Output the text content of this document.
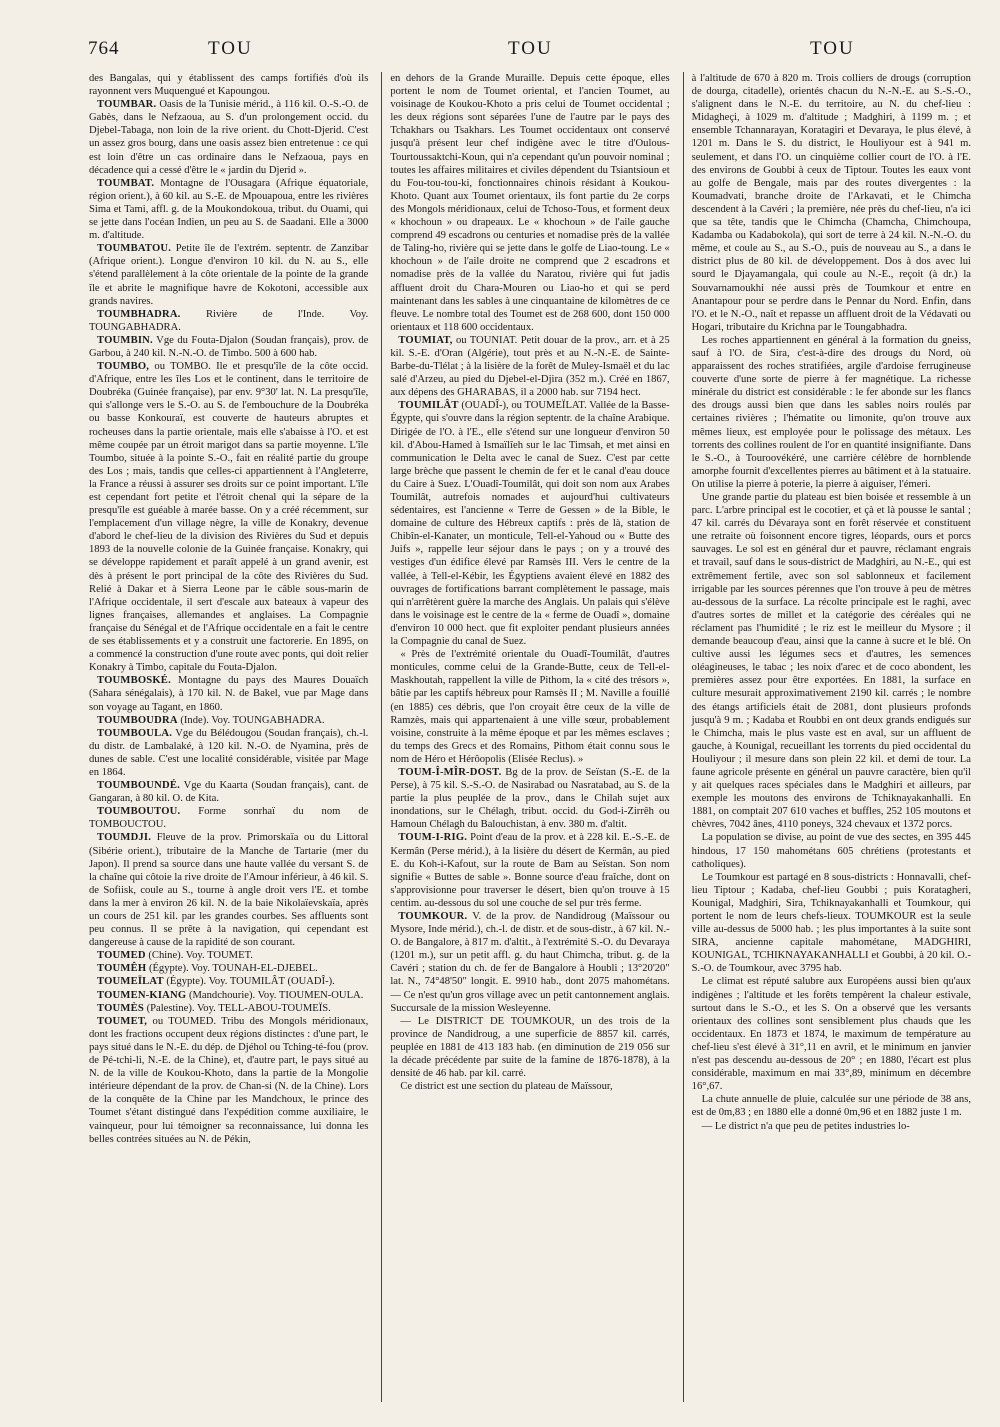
764	TOU	TOU	TOU

des Bangalas, qui y établissent des camps fortifiés d'où ils rayonnent vers Muquengué et Kapoungou.

TOUMBAR. Oasis de la Tunisie mérid., à 116 kil. O.-S.-O. de Gabès, dans le Nefzaoua, au S. d'un prolongement occid. du Djebel-Tabaga, non loin de la rive orient. du Chott-Djerid. C'est un assez gros bourg, dans une oasis assez bien entretenue : ce qui est loin d'être un cas ordinaire dans le Nefzaoua, pays en décadence qui a cessé d'être le « jardin du Djerid ».

TOUMBAT. Montagne de l'Ousagara (Afrique équatoriale, région orient.), à 60 kil. au S.-E. de Mpouapoua, entre les rivières Sima et Tami, affl. g. de la Moukondokoua, tribut. du Ouami, qui se jette dans l'océan Indien, un peu au S. de Saadani. Elle a 3000 m. d'altitude.

TOUMBATOU. Petite île de l'extrém. septentr. de Zanzibar (Afrique orient.). Longue d'environ 10 kil. du N. au S., elle s'étend parallèlement à la côte orientale de la pointe de la grande île et abrite le magnifique havre de Kokotoni, accessible aux grands navires.

TOUMBHADRA. Rivière de l'Inde. Voy. TOUNGABHADRA.

TOUMBIN. Vge du Fouta-Djalon (Soudan français), prov. de Garbou, à 240 kil. N.-N.-O. de Timbo. 500 à 600 hab.

TOUMBO, ou TOMBO. Ile et presqu'île de la côte occid. d'Afrique, entre les îles Los et le continent, dans le territoire de Doubréka (Guinée française), par env. 9°30' lat. N. La presqu'île, qui s'allonge vers le S.-O. au S. de l'embouchure de la Doubréka ou basse Konkouraï, est couverte de hauteurs abruptes et rocheuses dans la partie orientale, mais elle s'abaisse à l'O. et est même coupée par un étroit marigot dans sa partie moyenne. L'île Toumbo, située à la pointe S.-O., fait en réalité partie du groupe des Los ; mais, tandis que celles-ci appartiennent à l'Angleterre, la France a réussi à assurer ses droits sur ce point important. L'île est cependant fort petite et l'étroit chenal qui la sépare de la presqu'île est guéable à marée basse. On y a créé récemment, sur l'emplacement d'un village nègre, la ville de Konakry, devenue d'abord le chef-lieu de la division des Rivières du Sud et depuis 1893 de la nouvelle colonie de la Guinée française. Konakry, qui se développe rapidement et paraît appelé à un grand avenir, est dès à présent le port principal de la côte des Rivières du Sud. Relié à Dakar et à Sierra Leone par le câble sous-marin de l'Afrique occidentale, il sert d'escale aux bateaux à vapeur des lignes françaises, allemandes et anglaises. La Compagnie française du Sénégal et de l'Afrique occidentale en a fait le centre de ses établissements et y a construit une factorerie. En 1895, on a commencé la construction d'une route avec ponts, qui doit relier Konakry à Timbo, capitale du Fouta-Djalon.

TOUMBOSKÉ. Montagne du pays des Maures Douaïch (Sahara sénégalais), à 170 kil. N. de Bakel, vue par Mage dans son voyage au Tagant, en 1860.

TOUMBOUDRA (Inde). Voy. TOUNGABHADRA.

TOUMBOULA. Vge du Bélédougou (Soudan français), ch.-l. du distr. de Lambalaké, à 120 kil. N.-O. de Nyamina, près de dunes de sable. C'est une localité considérable, visitée par Mage en 1864.

TOUMBOUNDÉ. Vge du Kaarta (Soudan français), cant. de Gangaran, à 80 kil. O. de Kita.

TOUMBOUTOU. Forme sonrhaï du nom de TOMBOUCTOU.

TOUMDJI. Fleuve de la prov. Primorskaïa ou du Littoral (Sibérie orient.), tributaire de la Manche de Tartarie (mer du Japon). Il prend sa source dans une haute vallée du versant S. de la chaîne qui côtoie la rive droite de l'Amour inférieur, à 46 kil. S. de Sofiisk, coule au S., tourne à angle droit vers l'E. et tombe dans la mer à environ 26 kil. N. de la baie Nikolaïevskaïa, après un cours de 251 kil. par les grandes courbes. Ses affluents sont peu connus. Il se prête à la navigation, qui cependant est dangereuse à cause de la rapidité de son courant.

TOUMED (Chine). Voy. TOUMET.

TOUMÊH (Égypte). Voy. TOUNAH-EL-DJEBEL.

TOUMEÏLAT (Égypte). Voy. TOUMILÂT (OUADÎ-).

TOUMEN-KIANG (Mandchourie). Voy. TIOUMEN-OULA.

TOUMÈS (Palestine). Voy. TELL-ABOU-TOUMEÏS.

TOUMET, ou TOUMED. Tribu des Mongols méridionaux, dont les fractions occupent deux régions distinctes : d'une part, le pays situé dans le N.-E. du dép. de Djéhol ou Tching-té-fou (prov. de Pé-tchi-li, N.-E. de la Chine), et, d'autre part, le pays situé au N. de la ville de Koukou-Khoto, dans la partie de la Mongolie intérieure dépendant de la prov. de Chan-si (N. de la Chine). Lors de la conquête de la Chine par les Mandchoux, le prince des Toumet s'étant distingué dans l'expédition comme auxiliaire, le vainqueur, pour lui témoigner sa reconnaissance, lui donna les belles contrées situées au N. de Pékin,

en dehors de la Grande Muraille. Depuis cette époque, elles portent le nom de Toumet oriental, et l'ancien Toumet, au voisinage de Koukou-Khoto a pris celui de Toumet occidental ; les deux régions sont séparées l'une de l'autre par le pays des Tchakhars ou Tsakhars. Les Toumet occidentaux ont conservé jusqu'à présent leur chef indigène avec le titre d'Oulous-Tourtoussaktchi-Koun, qui n'a cependant qu'un pouvoir nominal ; toutes les affaires militaires et civiles dépendent du Tsiantsioun et du Fou-tou-tou-ki, fonctionnaires chinois résidant à Koukou-Khoto. Quant aux Toumet orientaux, ils font partie du 2e corps des Mongols méridionaux, celui de Tchoso-Tous, et forment deux « khochoun » ou drapeaux. Le « khochoun » de l'aile gauche comprend 49 escadrons ou centuries et nomadise près de la vallée de Taling-ho, rivière qui se jette dans le golfe de Liao-toung. Le « khochoun » de l'aile droite ne comprend que 2 escadrons et nomadise près de la vallée du Naratou, rivière qui fut jadis affluent droit du Chara-Mouren ou Liao-ho et qui se perd maintenant dans les sables à une cinquantaine de kilomètres de ce fleuve. Le nombre total des Toumet est de 268 600, dont 150 000 orientaux et 118 600 occidentaux.

TOUMIAT, ou TOUNIAT. Petit douar de la prov., arr. et à 25 kil. S.-E. d'Oran (Algérie), tout près et au N.-N.-E. de Sainte-Barbe-du-Tlélat ; à la lisière de la forêt de Muley-Ismaël et du lac salé d'Arzeu, au pied du Djebel-el-Djira (352 m.). Créé en 1867, aux dépens des GHARABAS, il a 2000 hab. sur 7194 hect.

TOUMILÂT (OUADÎ-), ou TOUMEÏLAT. Vallée de la Basse-Égypte, qui s'ouvre dans la région septentr. de la chaîne Arabique. Dirigée de l'O. à l'E., elle s'étend sur une longueur d'environ 50 kil. d'Abou-Hamed à Ismaïlîeh sur le lac Timsah, et met ainsi en communication le Delta avec le canal de Suez. C'est par cette large brèche que passent le chemin de fer et le canal d'eau douce du Caire à Suez. L'Ouadî-Toumilât, qui doit son nom aux Arabes Toumilât, autrefois nomades et aujourd'hui cultivateurs sédentaires, est l'ancienne « Terre de Gessen » de la Bible, le domaine de culture des Hébreux captifs : près de là, station de Chibîn-el-Kanater, un monticule, Tell-el-Yahoud ou « Butte des Juifs », rappelle leur séjour dans le pays ; on y a trouvé des vestiges d'un édifice élevé par Ramsès III. Vers le centre de la vallée, à Tell-el-Kébir, les Égyptiens avaient élevé en 1882 des ouvrages de fortifications barrant complètement le passage, mais qui n'arrêtèrent guère la marche des Anglais. Un palais qui s'élève dans le voisinage est le centre de la « ferme de Ouadî », domaine d'environ 10 000 hect. que fit exploiter pendant plusieurs années la Compagnie du canal de Suez.

« Près de l'extrémité orientale du Ouadî-Toumilât, d'autres monticules, comme celui de la Grande-Butte, ceux de Tell-el-Maskhoutah, rappellent la ville de Pithom, la « cité des trésors », bâtie par les captifs hébreux pour Ramsès II ; M. Naville a fouillé (en 1885) ces débris, que l'on croyait être ceux de la ville de Ramzès, mais qui appartenaient à une ville sœur, probablement voisine, construite à la même époque et par les mêmes esclaves ; du temps des Grecs et des Romains, Pithom était connu sous le nom de Héro et Hérôopolis (Elisée Reclus). »

TOUM-Î-MÎR-DOST. Bg de la prov. de Seïstan (S.-E. de la Perse), à 75 kil. S.-S.-O. de Nasirabad ou Nasratabad, au S. de la partie la plus peuplée de la prov., dans le Chilah sujet aux inondations, sur le Chélagh, tribut. occid. du God-i-Zirrêh ou Hamoun Chélagh du Balouchistan, à env. 380 m. d'altit.

TOUM-I-RIG. Point d'eau de la prov. et à 228 kil. E.-S.-E. de Kermân (Perse mérid.), à la lisière du désert de Kermân, au pied E. du Koh-i-Kafout, sur la route de Bam au Seïstan. Son nom signifie « Buttes de sable ». Bonne source d'eau fraîche, dont on s'approvisionne pour traverser le désert, bien qu'on trouve à 15 centim. au-dessous du sol une couche de sel pur très ferme.

TOUMKOUR. V. de la prov. de Nandidroug (Maïssour ou Mysore, Inde mérid.), ch.-l. de distr. et de sous-distr., à 67 kil. N.-O. de Bangalore, à 817 m. d'altit., à l'extrémité S.-O. du Devaraya (1201 m.), sur un petit affl. g. du haut Chimcha, tribut. g. de la Cavéri ; station du ch. de fer de Bangalore à Houbli ; 13°20'20" lat. N., 74°48'50" longit. E. 9910 hab., dont 2075 mahométans. — Ce n'est qu'un gros village avec un petit cantonnement anglais. Succursale de la mission Wesleyenne.

— Le DISTRICT DE TOUMKOUR, un des trois de la province de Nandidroug, a une superficie de 8857 kil. carrés, peuplée en 1881 de 413 183 hab. (en diminution de 219 056 sur la décade précédente par suite de la famine de 1876-1878), à la densité de 46 hab. par kil. carré.

Ce district est une section du plateau de Maïssour,

à l'altitude de 670 à 820 m. Trois colliers de drougs (corruption de dourga, citadelle), orientés chacun du N.-N.-E. au S.-S.-O., s'alignent dans le N.-E. du territoire, au N. du chef-lieu : Midagheçi, à 1029 m. d'altitude ; Madghiri, à 1199 m. ; et ensemble Tchannarayan, Koratagiri et Devaraya, le plus élevé, à 1201 m. Dans le S. du district, le Houliyour est à 941 m. seulement, et dans l'O. un cinquième collier court de l'O. à l'E. des environs de Goubbi à ceux de Tiptour. Toutes les eaux vont au golfe de Bengale, mais par des routes divergentes : la Koumadvati, branche droite de l'Arkavati, et le Chimcha descendent à la Cavéri ; la première, née près du chef-lieu, n'a ici que sa tête, tandis que le Chimcha (Chamcha, Chimchoupa, Kadamba ou Kadabokola), qui sort de terre à 24 kil. N.-N.-O. du même, et coule au S., au S.-O., puis de nouveau au S., a dans le district plus de 80 kil. de développement. Dos à dos avec lui sourd le Djayamangala, qui coule au N.-E., reçoit (à dr.) la Souvarnamoukhi née aussi près de Toumkour et entre en Anantapour pour se perdre dans le Pennar du Nord. Enfin, dans l'O. et le N.-O., naît et repasse un affluent droit de la Védavati ou Hogari, tributaire du Krichna par le Toungabhadra.

Les roches appartiennent en général à la formation du gneiss, sauf à l'O. de Sira, c'est-à-dire des drougs du Nord, où apparaissent des roches stratifiées, argile d'ardoise ferrugineuse couverte d'une sorte de pierre à fer magnétique. La richesse minérale du district est considérable : le fer abonde sur les flancs des drougs aussi bien que dans les sables noirs roulés par certaines rivières ; l'hématite ou limonite, qu'on trouve aux mêmes lieux, est employée pour le polissage des métaux. Les torrents des collines roulent de l'or en quantité insignifiante. Dans le S.-O., à Touroovékéré, une carrière célèbre de hornblende amorphe fournit d'excellentes pierres au bâtiment et à la statuaire. On utilise la pierre à poterie, la pierre à aiguiser, l'émeri.

Une grande partie du plateau est bien boisée et ressemble à un parc. L'arbre principal est le cocotier, et çà et là pousse le santal ; 47 kil. carrés du Dévaraya sont en forêt réservée et constituent une retraite où foisonnent encore tigres, léopards, ours et porcs sauvages. Le sol est en général dur et pauvre, réclamant engrais et travail, sauf dans le sous-district de Madghiri, au N.-E., qui est extrêmement fertile, avec son sol sablonneux et facilement irrigable par les sources pérennes que l'on trouve à peu de mètres au-dessous de la surface. La récolte principale est le raghi, avec d'autres sortes de millet et la catégorie des céréales qui ne réclament pas l'humidité ; le riz est le meilleur du Mysore ; il demande beaucoup d'eau, ainsi que la canne à sucre et le blé. On cultive aussi les légumes secs et d'autres, les semences oléagineuses, le tabac ; les noix d'arec et de coco abondent, les premières assez pour être exportées. En 1881, la surface en culture mesurait approximativement 2190 kil. carrés ; le nombre des étangs artificiels était de 2081, dont plusieurs profonds jusqu'à 9 m. ; Kadaba et Roubbi en ont deux grands endigués sur le Chimcha, mais le plus vaste est en aval, sur un affluent de gauche, à Kounigal, recueillant les torrents du pied occidental du Houliyour ; il mesure dans son plein 22 kil. et demi de tour. La faune agricole présente en général un pauvre caractère, bien qu'il y ait quelques races spéciales dans le Madghiri et ailleurs, par exemple les moutons des environs de Tchiknayakanhalli. En 1881, on comptait 207 610 vaches et buffles, 252 105 moutons et chèvres, 7042 ânes, 4110 poneys, 324 chevaux et 1372 porcs.

La population se divise, au point de vue des sectes, en 395 445 hindous, 17 150 mahométans 605 chrétiens (protestants et catholiques).

Le Toumkour est partagé en 8 sous-districts : Honnavalli, chef-lieu Tiptour ; Kadaba, chef-lieu Goubbi ; puis Koratagheri, Kounigal, Madghiri, Sira, Tchiknayakanhalli et Toumkour, qui portent le nom de leurs chefs-lieux. TOUMKOUR est la seule ville au-dessus de 5000 hab. ; les plus importantes à la suite sont SIRA, ancienne capitale mahométane, MADGHIRI, KOUNIGAL, TCHIKNAYAKANHALLI et Goubbi, à 20 kil. O.-S.-O. de Toumkour, avec 3795 hab.

Le climat est réputé salubre aux Européens aussi bien qu'aux indigènes ; l'altitude et les forêts tempèrent la chaleur estivale, surtout dans le S.-O., et les S. On a observé que les versants orientaux des collines sont sensiblement plus chauds que les occidentaux. En 1873 et 1874, le maximum de température au chef-lieu s'est élevé à 31°,11 en avril, et le minimum en janvier n'est pas descendu au-dessous de 20° ; en 1880, l'écart est plus considérable, maximum en mai 33°,89, minimum en décembre 16°,67.

La chute annuelle de pluie, calculée sur une période de 38 ans, est de 0m,83 ; en 1880 elle a donné 0m,96 et en 1882 juste 1 m.

— Le district n'a que peu de petites industries lo-
